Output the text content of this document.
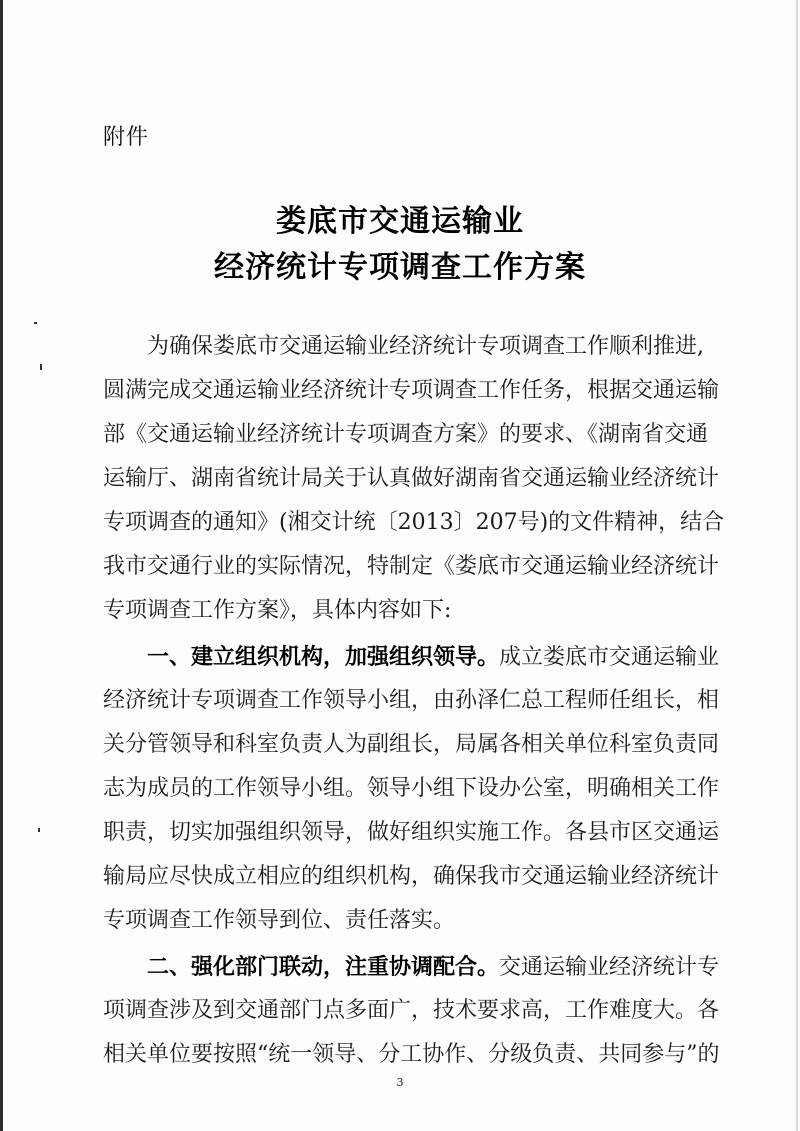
附件
娄底市交通运输业
经济统计专项调查工作方案
为确保娄底市交通运输业经济统计专项调查工作顺利推进,
圆满完成交通运输业经济统计专项调查工作任务，根据交通运输
部《交通运输业经济统计专项调查方案》的要求、《湖南省交通
运输厅、湖南省统计局关于认真做好湖南省交通运输业经济统计
专项调查的通知》(湘交计统〔2013〕207号)的文件精神，结合
我市交通行业的实际情况，特制定《娄底市交通运输业经济统计
专项调查工作方案》，具体内容如下:
一、建立组织机构，加强组织领导。成立娄底市交通运输业
经济统计专项调查工作领导小组，由孙泽仁总工程师任组长，相
关分管领导和科室负责人为副组长，局属各相关单位科室负责同
志为成员的工作领导小组。领导小组下设办公室，明确相关工作
职责，切实加强组织领导，做好组织实施工作。各县市区交通运
输局应尽快成立相应的组织机构，确保我市交通运输业经济统计
专项调查工作领导到位、责任落实。
二、强化部门联动，注重协调配合。交通运输业经济统计专
项调查涉及到交通部门点多面广，技术要求高，工作难度大。各
相关单位要按照“统一领导、分工协作、分级负责、共同参与”的
3
